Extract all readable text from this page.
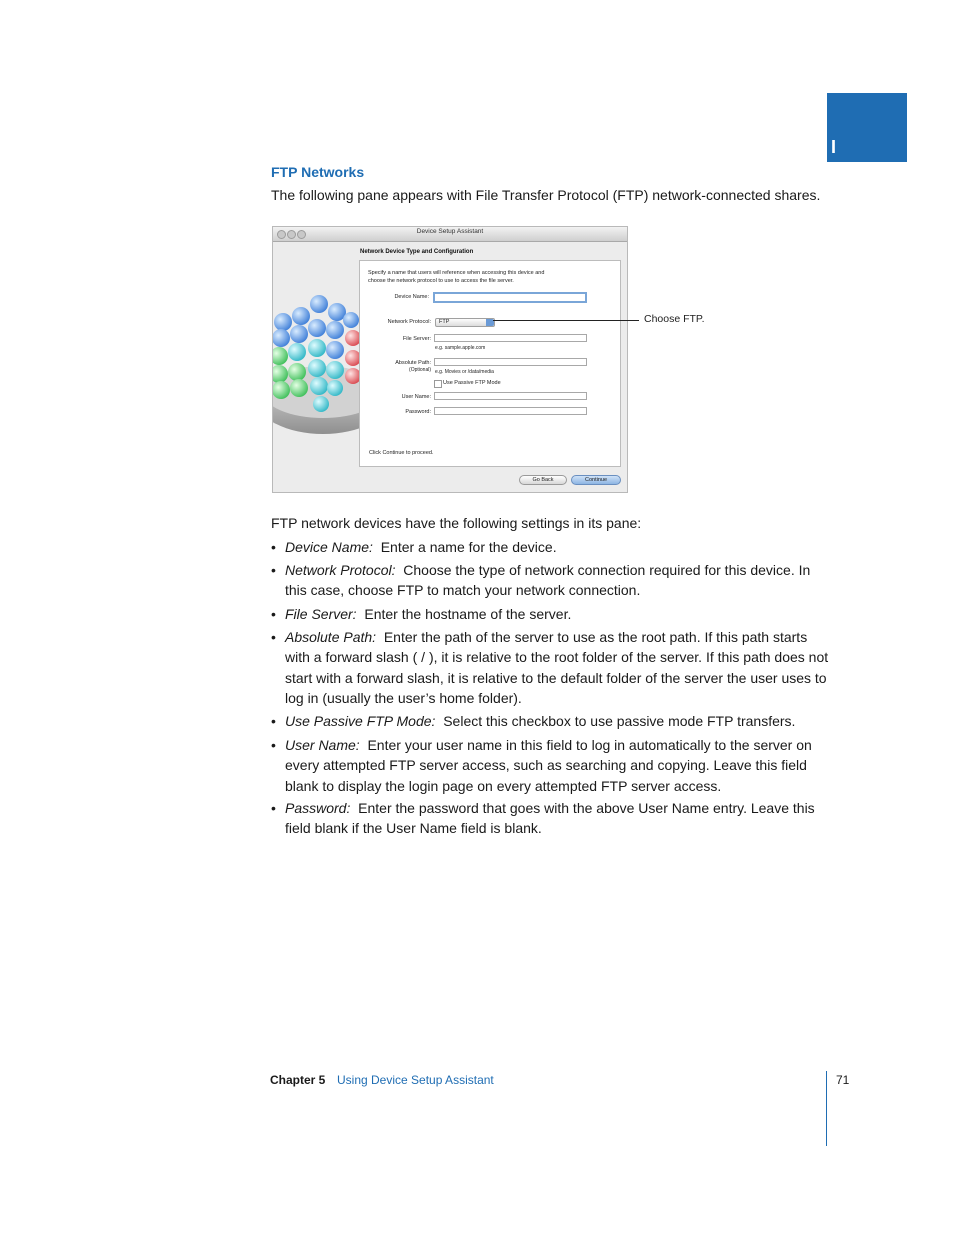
I
FTP Networks
The following pane appears with File Transfer Protocol (FTP) network-connected shares.
Device Setup Assistant
Network Device Type and Configuration
Specify a name that users will reference when accessing this device and
choose the network protocol to use to access the file server.
Device Name:
Network Protocol:	FTP
File Server:
e.g. sample.apple.com
Absolute Path:
(Optional) e.g. Movies or /data/media
Use Passive FTP Mode
User Name:
Password:
Click Continue to proceed.
Go Back	Continue
Choose FTP.
FTP network devices have the following settings in its pane:
• Device Name: Enter a name for the device.
• Network Protocol: Choose the type of network connection required for this device. In this case, choose FTP to match your network connection.
• File Server: Enter the hostname of the server.
• Absolute Path: Enter the path of the server to use as the root path. If this path starts with a forward slash ( / ), it is relative to the root folder of the server. If this path does not start with a forward slash, it is relative to the default folder of the server the user uses to log in (usually the user’s home folder).
• Use Passive FTP Mode: Select this checkbox to use passive mode FTP transfers.
• User Name: Enter your user name in this field to log in automatically to the server on every attempted FTP server access, such as searching and copying. Leave this field blank to display the login page on every attempted FTP server access.
• Password: Enter the password that goes with the above User Name entry. Leave this field blank if the User Name field is blank.
Chapter 5 Using Device Setup Assistant	71
